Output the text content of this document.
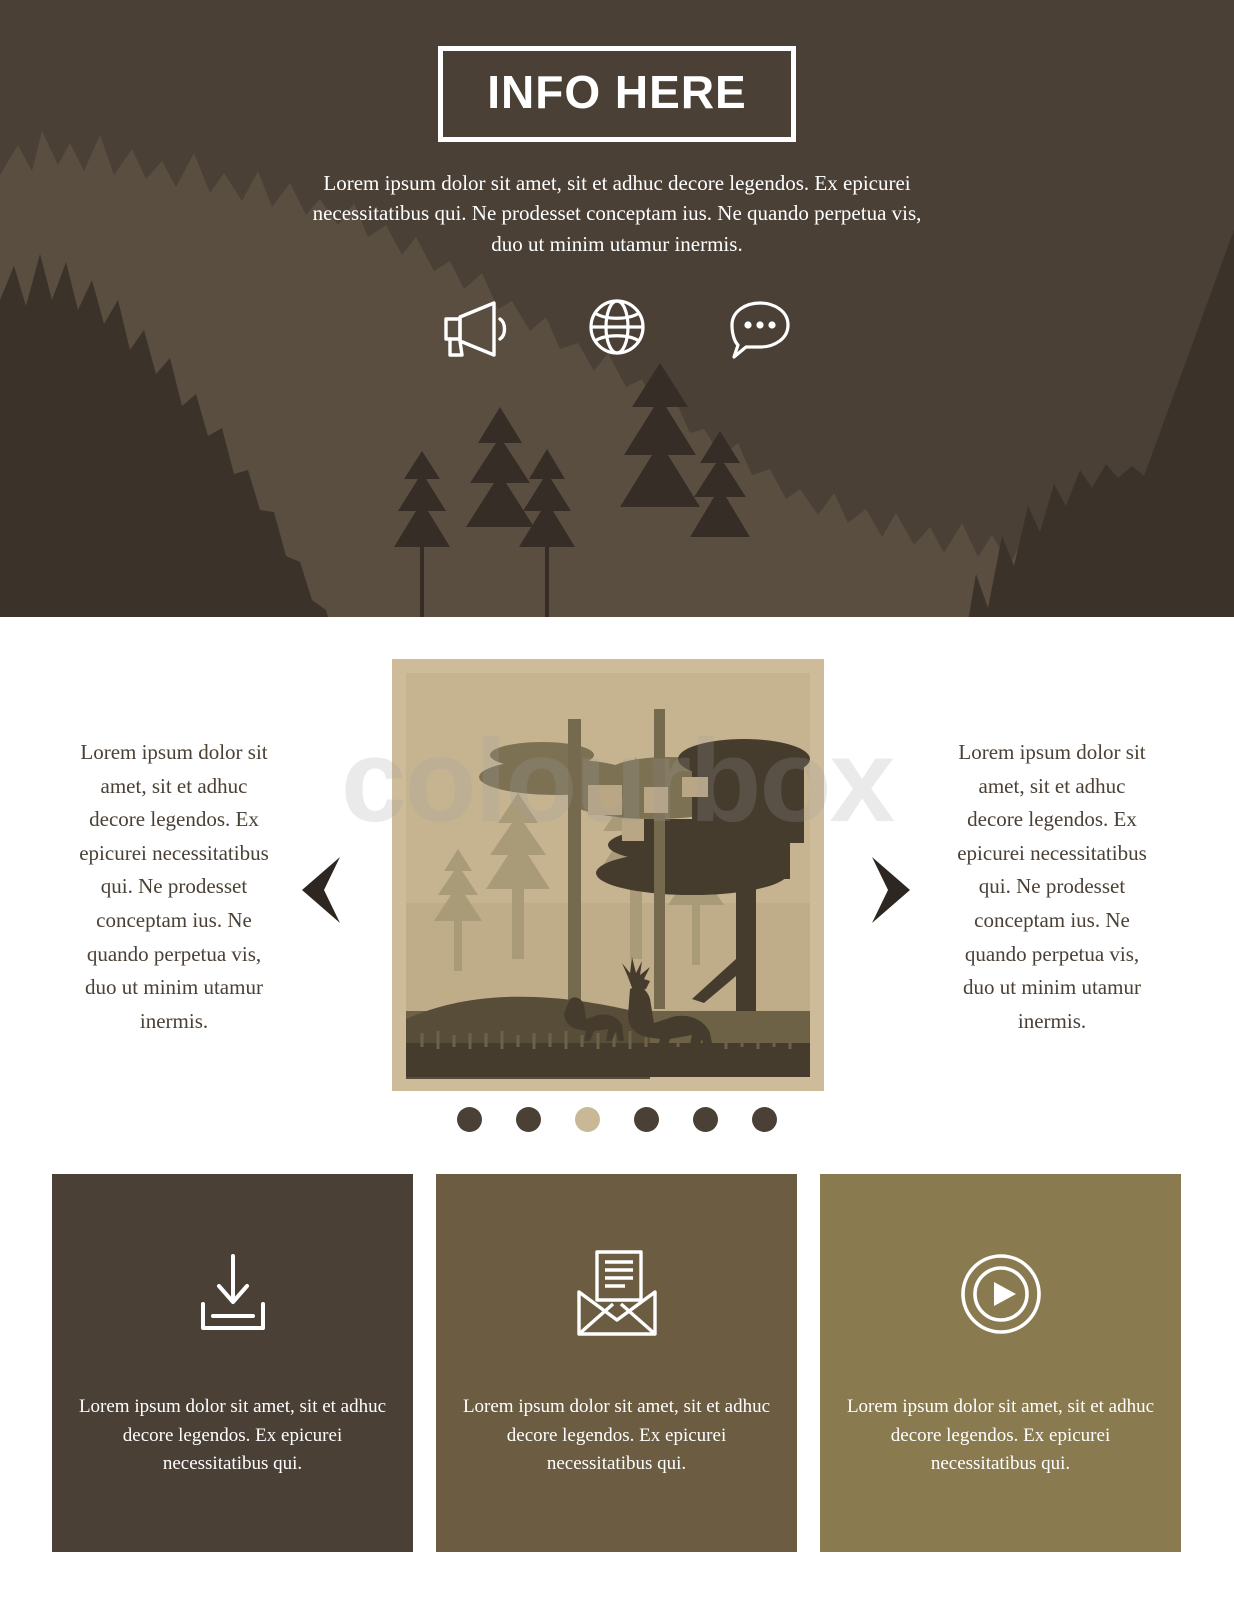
INFO HERE

Lorem ipsum dolor sit amet, sit et adhuc decore legendos. Ex epicurei necessitatibus qui. Ne prodesset conceptam ius. Ne quando perpetua vis, duo ut minim utamur inermis.

Lorem ipsum dolor sit amet, sit et adhuc decore legendos. Ex epicurei necessitatibus qui. Ne prodesset conceptam ius. Ne quando perpetua vis, duo ut minim utamur inermis.

Lorem ipsum dolor sit amet, sit et adhuc decore legendos. Ex epicurei necessitatibus qui. Ne prodesset conceptam ius. Ne quando perpetua vis, duo ut minim utamur inermis.

colourbox

Lorem ipsum dolor sit amet, sit et adhuc decore legendos. Ex epicurei necessitatibus qui.

Lorem ipsum dolor sit amet, sit et adhuc decore legendos. Ex epicurei necessitatibus qui.

Lorem ipsum dolor sit amet, sit et adhuc decore legendos. Ex epicurei necessitatibus qui.
